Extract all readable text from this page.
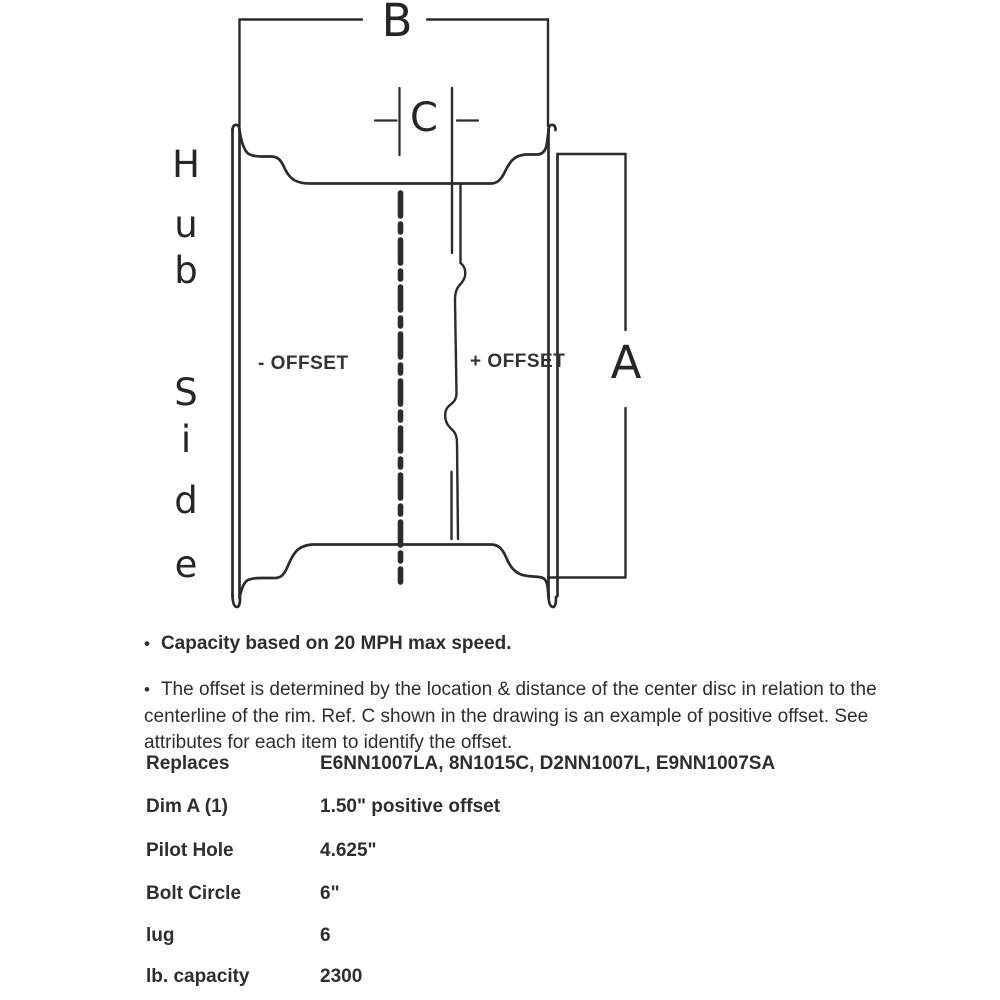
B
C
A
H
u
b
S
i
d
e
- OFFSET	+ OFFSET
• Capacity based on 20 MPH max speed.
• The offset is determined by the location & distance of the center disc in relation to the centerline of the rim. Ref. C shown in the drawing is an example of positive offset. See attributes for each item to identify the offset.
Replaces	E6NN1007LA, 8N1015C, D2NN1007L, E9NN1007SA
Dim A (1)	1.50" positive offset
Pilot Hole	4.625"
Bolt Circle	6"
lug	6
lb. capacity	2300
